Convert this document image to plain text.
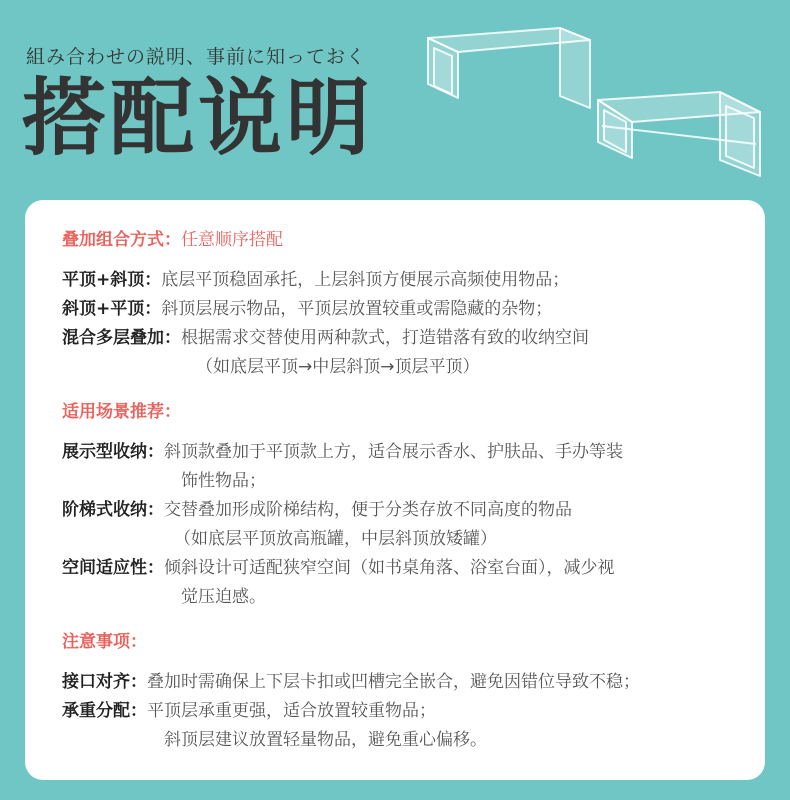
組み合わせの説明、事前に知っておく
搭配说明
叠加组合方式：任意顺序搭配
平顶+斜顶： 底层平顶稳固承托，上层斜顶方便展示高频使用物品；
斜顶+平顶： 斜顶层展示物品，平顶层放置较重或需隐藏的杂物；
混合多层叠加： 根据需求交替使用两种款式，打造错落有致的收纳空间
（如底层平顶→中层斜顶→顶层平顶）
适用场景推荐：
展示型收纳： 斜顶款叠加于平顶款上方，适合展示香水、护肤品、手办等装
饰性物品；
阶梯式收纳： 交替叠加形成阶梯结构，便于分类存放不同高度的物品
（如底层平顶放高瓶罐，中层斜顶放矮罐）
空间适应性： 倾斜设计可适配狭窄空间（如书桌角落、浴室台面），减少视
觉压迫感。
注意事项：
接口对齐： 叠加时需确保上下层卡扣或凹槽完全嵌合，避免因错位导致不稳；
承重分配： 平顶层承重更强，适合放置较重物品；
斜顶层建议放置轻量物品，避免重心偏移。
